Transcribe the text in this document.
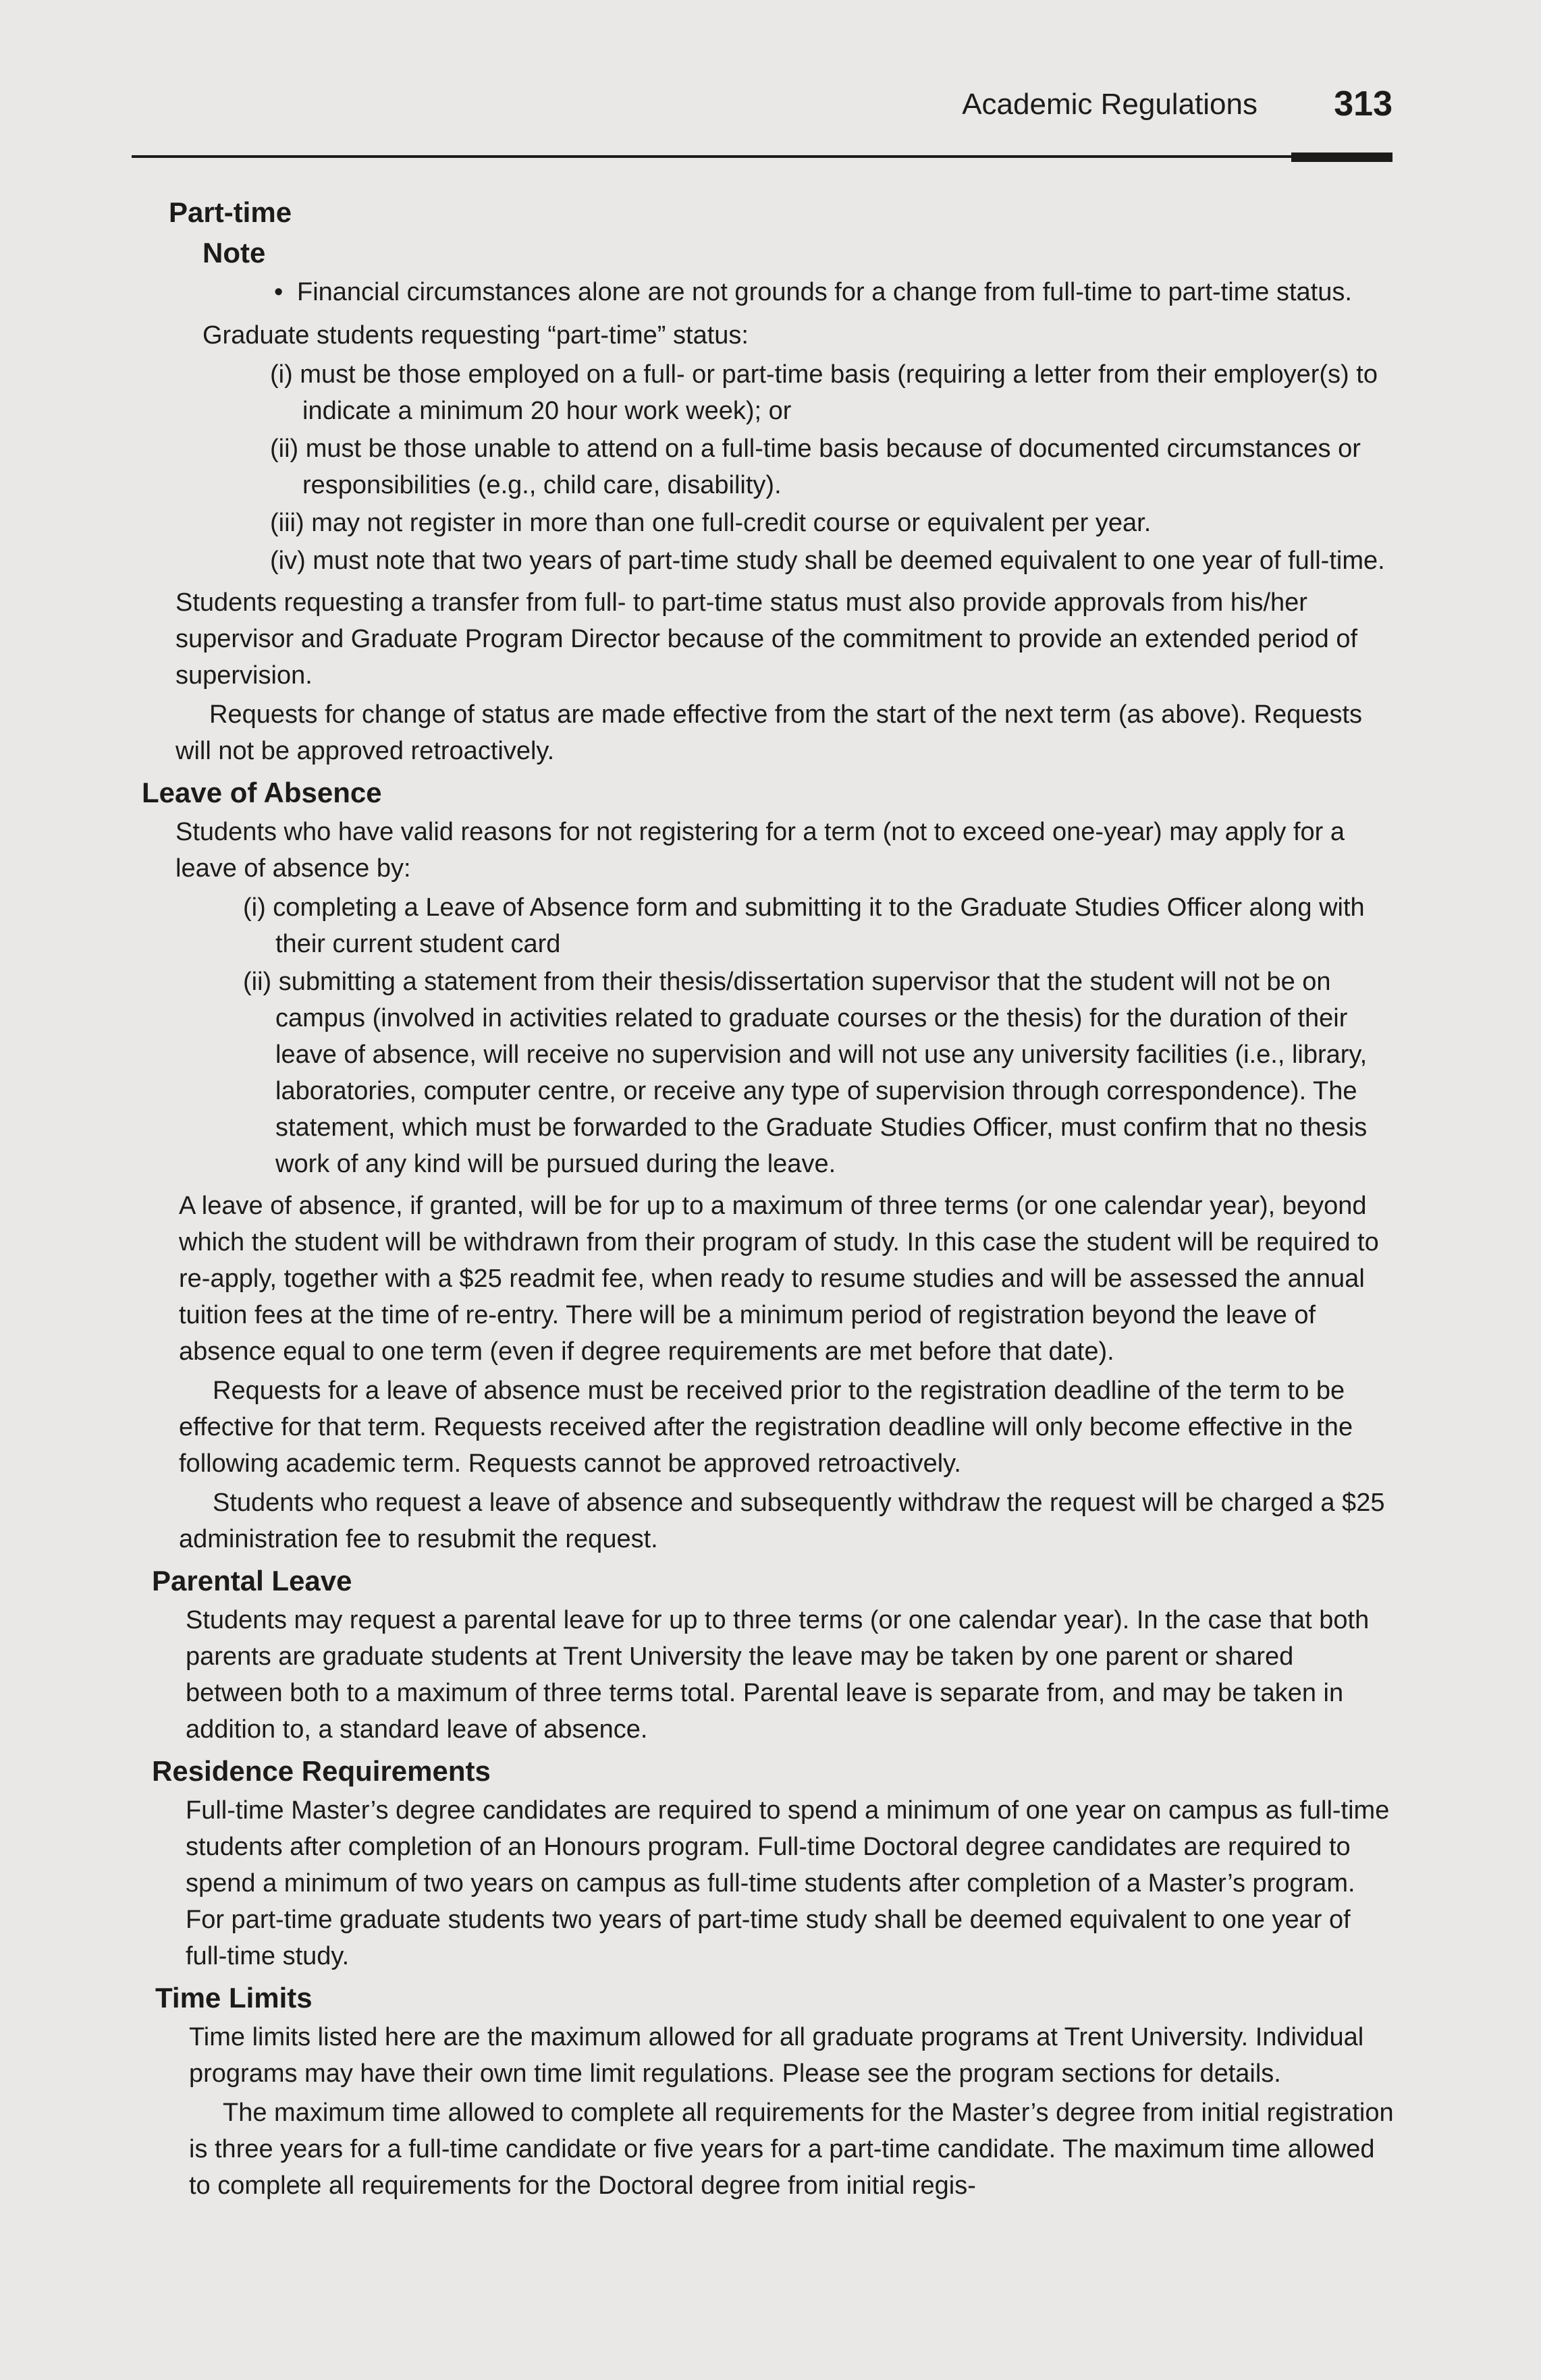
Academic Regulations 313
Part-time
Note
• Financial circumstances alone are not grounds for a change from full-time to part-time status.

Graduate students requesting “part-time” status:

(i) must be those employed on a full- or part-time basis (requiring a letter from their employer(s) to indicate a minimum 20 hour work week); or
(ii) must be those unable to attend on a full-time basis because of documented circumstances or responsibilities (e.g., child care, disability).
(iii) may not register in more than one full-credit course or equivalent per year.
(iv) must note that two years of part-time study shall be deemed equivalent to one year of full-time.

Students requesting a transfer from full- to part-time status must also provide approvals from his/her supervisor and Graduate Program Director because of the commitment to provide an extended period of supervision.

Requests for change of status are made effective from the start of the next term (as above). Requests will not be approved retroactively.

Leave of Absence

Students who have valid reasons for not registering for a term (not to exceed one-year) may apply for a leave of absence by:

(i) completing a Leave of Absence form and submitting it to the Graduate Studies Officer along with their current student card
(ii) submitting a statement from their thesis/dissertation supervisor that the student will not be on campus (involved in activities related to graduate courses or the thesis) for the duration of their leave of absence, will receive no supervision and will not use any university facilities (i.e., library, laboratories, computer centre, or receive any type of supervision through correspondence). The statement, which must be forwarded to the Graduate Studies Officer, must confirm that no thesis work of any kind will be pursued during the leave.

A leave of absence, if granted, will be for up to a maximum of three terms (or one calendar year), beyond which the student will be withdrawn from their program of study. In this case the student will be required to re-apply, together with a $25 readmit fee, when ready to resume studies and will be assessed the annual tuition fees at the time of re-entry. There will be a minimum period of registration beyond the leave of absence equal to one term (even if degree requirements are met before that date).

Requests for a leave of absence must be received prior to the registration deadline of the term to be effective for that term. Requests received after the registration deadline will only become effective in the following academic term. Requests cannot be approved retroactively.

Students who request a leave of absence and subsequently withdraw the request will be charged a $25 administration fee to resubmit the request.

Parental Leave

Students may request a parental leave for up to three terms (or one calendar year). In the case that both parents are graduate students at Trent University the leave may be taken by one parent or shared between both to a maximum of three terms total. Parental leave is separate from, and may be taken in addition to, a standard leave of absence.

Residence Requirements

Full-time Master’s degree candidates are required to spend a minimum of one year on campus as full-time students after completion of an Honours program. Full-time Doctoral degree candidates are required to spend a minimum of two years on campus as full-time students after completion of a Master’s program. For part-time graduate students two years of part-time study shall be deemed equivalent to one year of full-time study.

Time Limits

Time limits listed here are the maximum allowed for all graduate programs at Trent University. Individual programs may have their own time limit regulations. Please see the program sections for details.

The maximum time allowed to complete all requirements for the Master’s degree from initial registration is three years for a full-time candidate or five years for a part-time candidate. The maximum time allowed to complete all requirements for the Doctoral degree from initial regis-
